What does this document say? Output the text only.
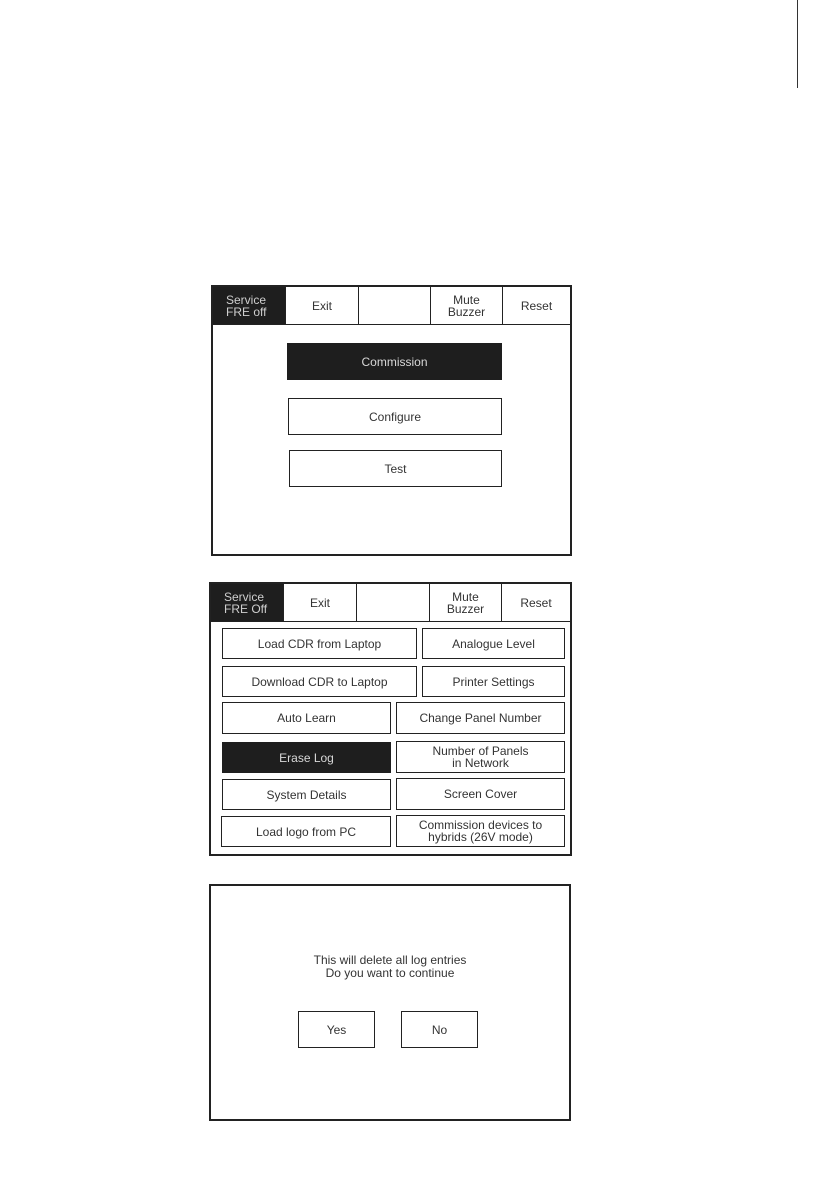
Service
FRE off	Exit	Mute
Buzzer	Reset
Commission
Configure
Test
Service
FRE Off	Exit	Mute
Buzzer	Reset
Load CDR from Laptop	Analogue Level
Download CDR to Laptop	Printer Settings
Auto Learn	Change Panel Number
Erase Log	Number of Panels
in Network
System Details	Screen Cover
Load logo from PC	Commission devices to
hybrids (26V mode)
This will delete all log entries
Do you want to continue
Yes	No
